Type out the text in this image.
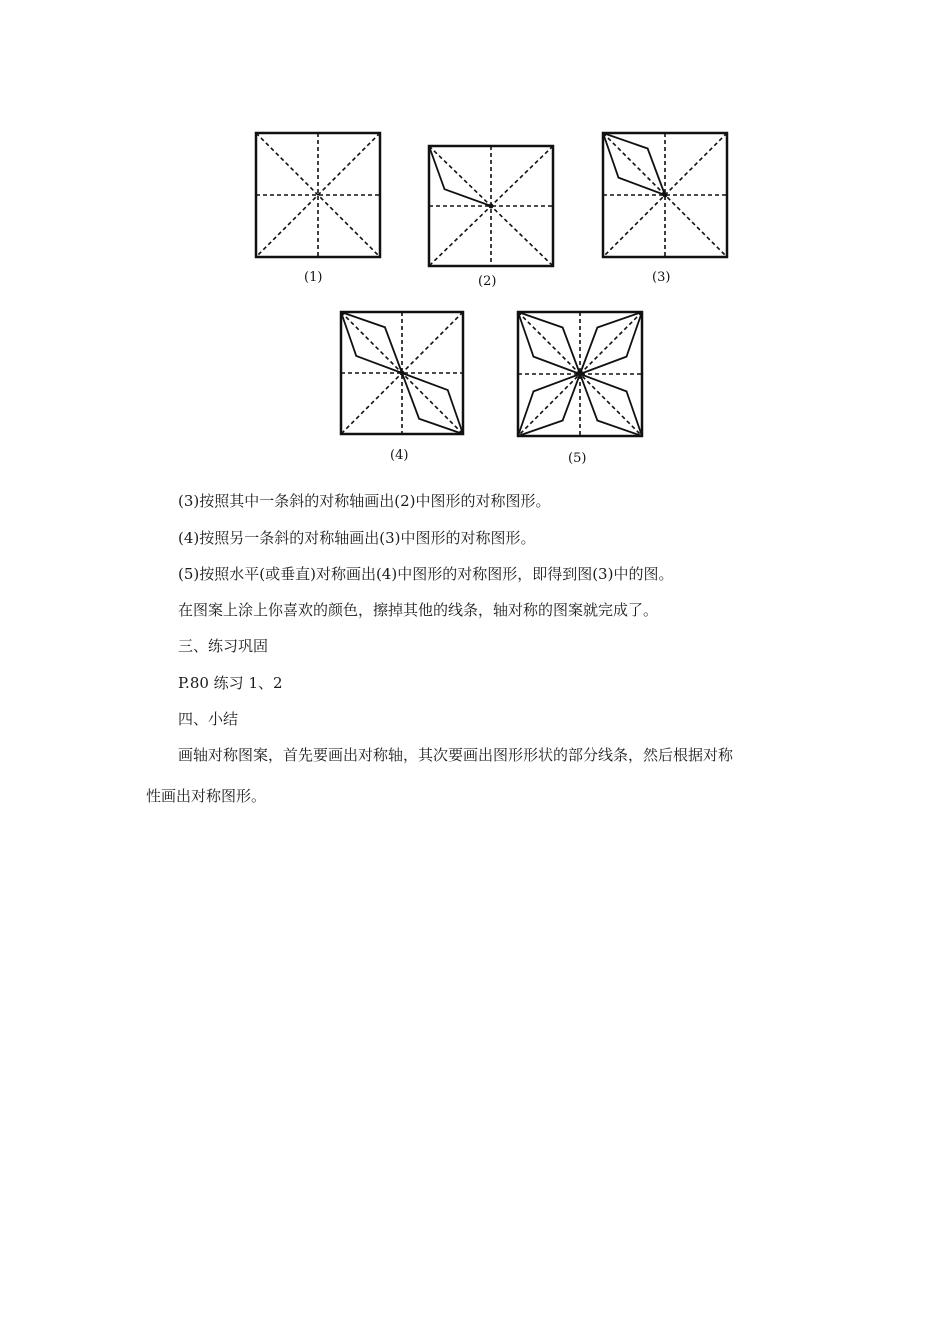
(1)	(2)	(3)
(4)	(5)
(3)按照其中一条斜的对称轴画出(2)中图形的对称图形。
(4)按照另一条斜的对称轴画出(3)中图形的对称图形。
(5)按照水平(或垂直)对称画出(4)中图形的对称图形，即得到图(3)中的图。
在图案上涂上你喜欢的颜色，擦掉其他的线条，轴对称的图案就完成了。
三、练习巩固
P.80 练习 1、2
四、小结
画轴对称图案，首先要画出对称轴，其次要画出图形形状的部分线条，然后根据对称
性画出对称图形。
